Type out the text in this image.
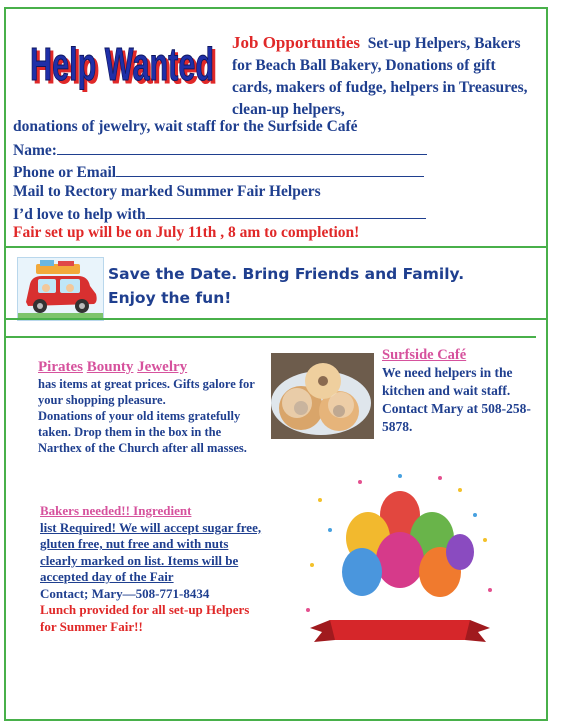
Help Wanted
Help Wanted Job Opportunties Set-up Helpers, Bakers for Beach Ball Bakery, Donations of gift cards, makers of fudge, helpers in Treasures, clean-up helpers,
donations of jewelry, wait staff for the Surfside Café
Name:
Phone or Email
Mail to Rectory marked Summer Fair Helpers
I’d love to help with
Fair set up will be on July 11th , 8 am to completion!
Save the Date. Bring Friends and Family. Enjoy the fun!
Pirates Bounty Jewelry
has items at great prices. Gifts galore for your shopping pleasure.
Donations of your old items gratefully taken. Drop them in the box in the Narthex of the Church after all masses.
Bakers needed!! Ingredient
list Required! We will accept sugar free, gluten free, nut free and with nuts clearly marked on list. Items will be accepted day of the Fair
Contact; Mary—508-771-8434
Lunch provided for all set-up Helpers for Summer Fair!!
Surfside Café
We need helpers in the kitchen and wait staff. Contact Mary at 508-258-5878.
